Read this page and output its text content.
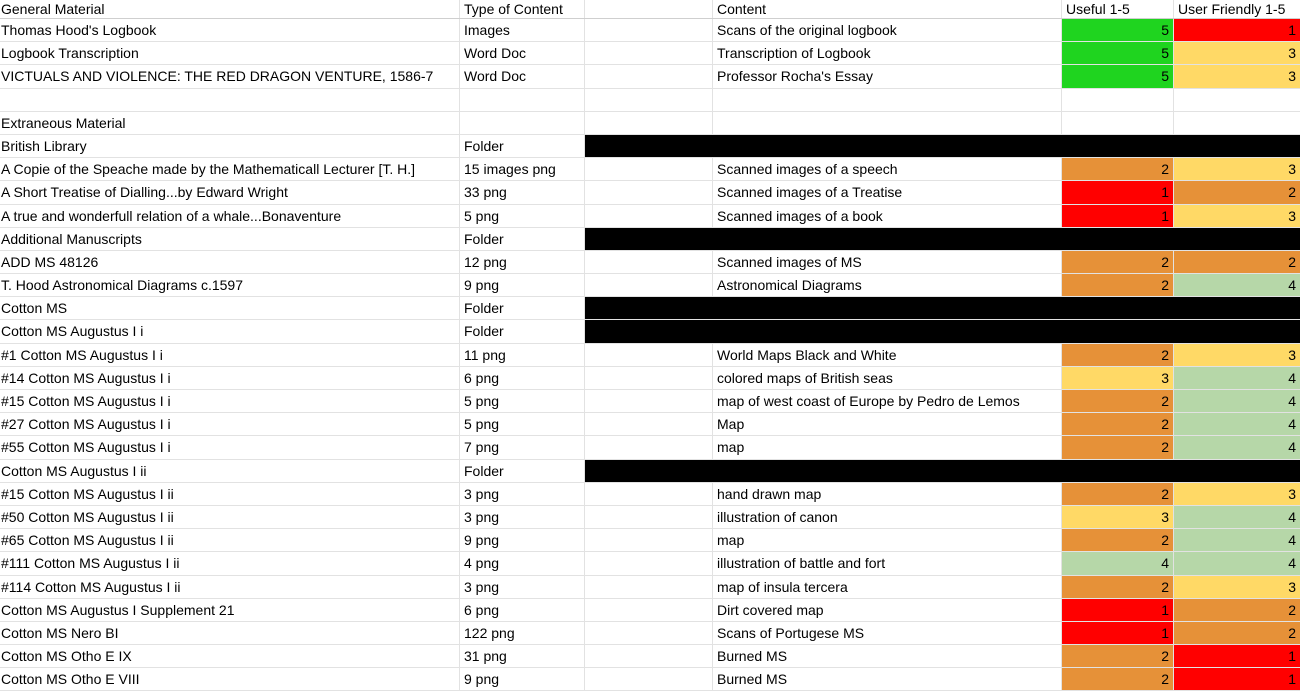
General Material	Type of Content	Content	Useful 1-5	User Friendly 1-5
Thomas Hood's Logbook	Images	Scans of the original logbook	5	1
Logbook Transcription	Word Doc	Transcription of Logbook	5	3
VICTUALS AND VIOLENCE: THE RED DRAGON VENTURE, 1586-7	Word Doc	Professor Rocha's Essay	5	3
Extraneous Material
British Library	Folder
A Copie of the Speache made by the Mathematicall Lecturer [T. H.]	15 images png	Scanned images of a speech	2	3
A Short Treatise of Dialling...by Edward Wright	33 png	Scanned images of a Treatise	1	2
A true and wonderfull relation of a whale...Bonaventure	5 png	Scanned images of a book	1	3
Additional Manuscripts	Folder
ADD MS 48126	12 png	Scanned images of MS	2	2
T. Hood Astronomical Diagrams c.1597	9 png	Astronomical Diagrams	2	4
Cotton MS	Folder
Cotton MS Augustus I i	Folder
#1 Cotton MS Augustus I i	11 png	World Maps Black and White	2	3
#14 Cotton MS Augustus I i	6 png	colored maps of British seas	3	4
#15 Cotton MS Augustus I i	5 png	map of west coast of Europe by Pedro de Lemos	2	4
#27 Cotton MS Augustus I i	5 png	Map	2	4
#55 Cotton MS Augustus I i	7 png	map	2	4
Cotton MS Augustus I ii	Folder
#15 Cotton MS Augustus I ii	3 png	hand drawn map	2	3
#50 Cotton MS Augustus I ii	3 png	illustration of canon	3	4
#65 Cotton MS Augustus I ii	9 png	map	2	4
#111 Cotton MS Augustus I ii	4 png	illustration of battle and fort	4	4
#114 Cotton MS Augustus I ii	3 png	map of insula tercera	2	3
Cotton MS Augustus I Supplement 21	6 png	Dirt covered map	1	2
Cotton MS Nero BI	122 png	Scans of Portugese MS	1	2
Cotton MS Otho E IX	31 png	Burned MS	2	1
Cotton MS Otho E VIII	9 png	Burned MS	2	1
